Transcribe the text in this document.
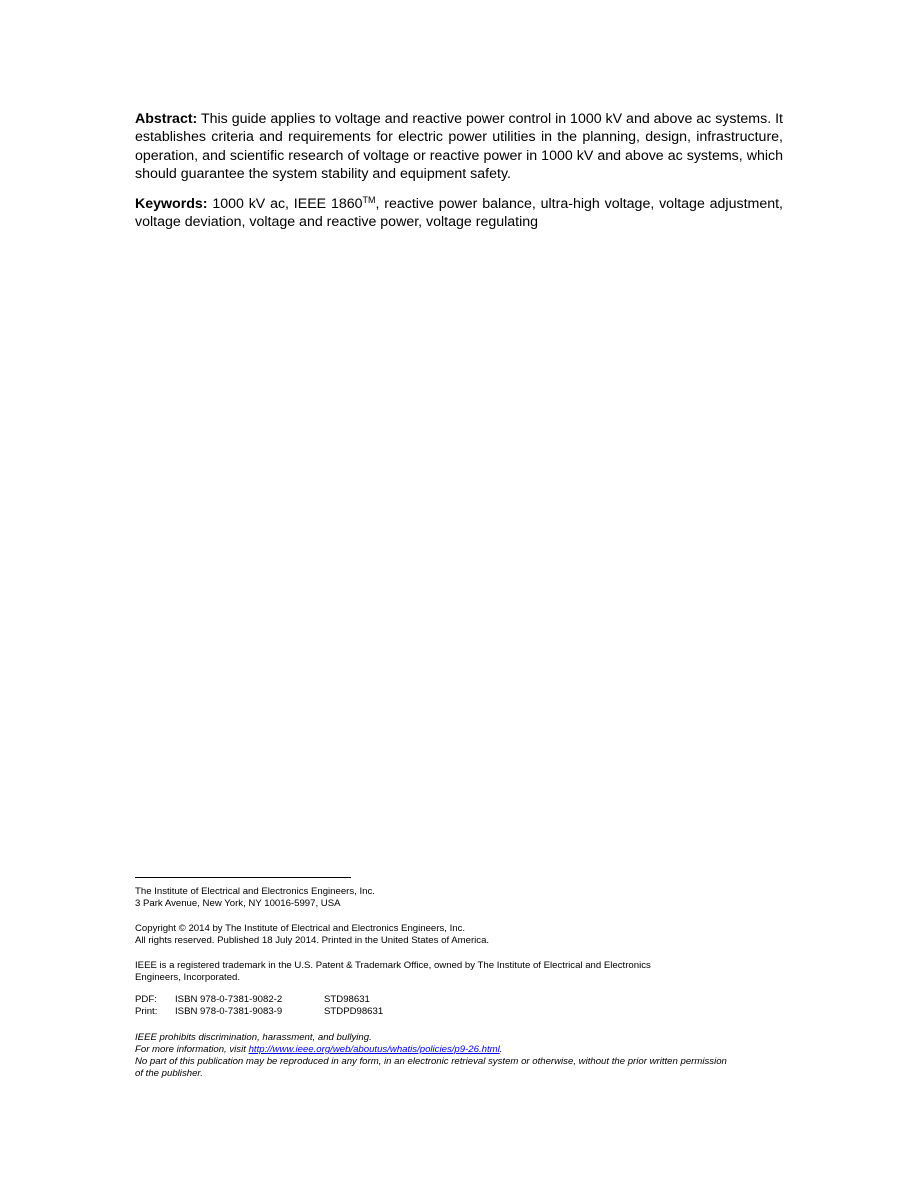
Abstract: This guide applies to voltage and reactive power control in 1000 kV and above ac systems. It establishes criteria and requirements for electric power utilities in the planning, design, infrastructure, operation, and scientific research of voltage or reactive power in 1000 kV and above ac systems, which should guarantee the system stability and equipment safety.

Keywords: 1000 kV ac, IEEE 1860™, reactive power balance, ultra-high voltage, voltage adjustment, voltage deviation, voltage and reactive power, voltage regulating

The Institute of Electrical and Electronics Engineers, Inc.
3 Park Avenue, New York, NY 10016-5997, USA
Copyright © 2014 by The Institute of Electrical and Electronics Engineers, Inc.
All rights reserved. Published 18 July 2014. Printed in the United States of America.
IEEE is a registered trademark in the U.S. Patent & Trademark Office, owned by The Institute of Electrical and Electronics
Engineers, Incorporated.
PDF:	ISBN 978-0-7381-9082-2	STD98631
Print:	ISBN 978-0-7381-9083-9	STDPD98631
IEEE prohibits discrimination, harassment, and bullying.
For more information, visit http://www.ieee.org/web/aboutus/whatis/policies/p9-26.html.
No part of this publication may be reproduced in any form, in an electronic retrieval system or otherwise, without the prior written permission
of the publisher.
